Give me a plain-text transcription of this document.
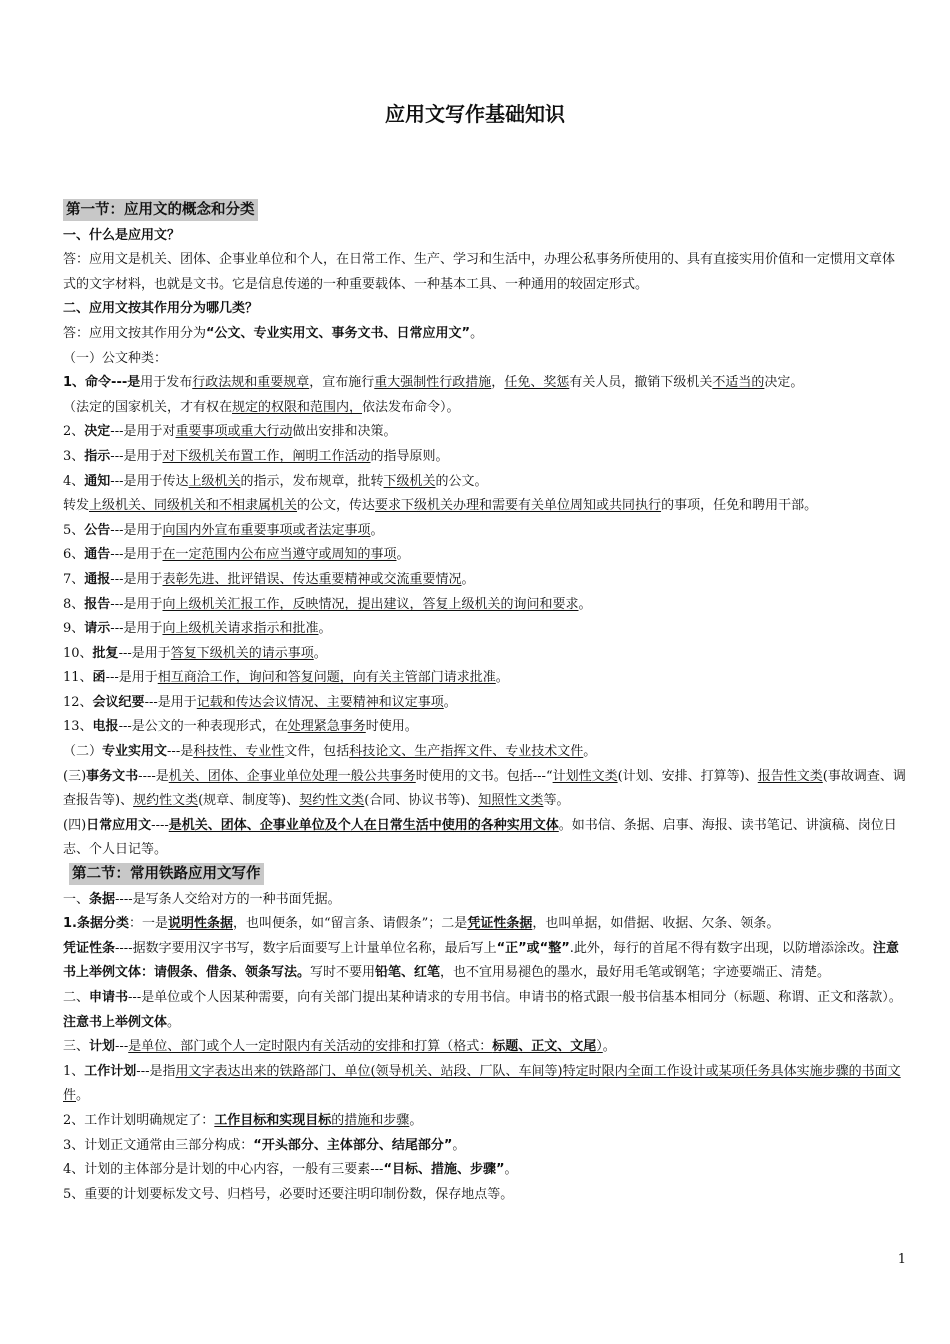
应用文写作基础知识
第一节：应用文的概念和分类
一、什么是应用文？
答：应用文是机关、团体、企事业单位和个人，在日常工作、生产、学习和生活中，办理公私事务所使用的、具有直接实用价值和一定惯用文章体式的文字材料，也就是文书。它是信息传递的一种重要载体、一种基本工具、一种通用的较固定形式。
二、应用文按其作用分为哪几类？
答：应用文按其作用分为“公文、专业实用文、事务文书、日常应用文”。
（一）公文种类：
1、命令---是用于发布行政法规和重要规章，宣布施行重大强制性行政措施，任免、奖惩有关人员，撤销下级机关不适当的决定。
（法定的国家机关，才有权在规定的权限和范围内，依法发布命令）。
2、决定---是用于对重要事项或重大行动做出安排和决策。
3、指示---是用于对下级机关布置工作，阐明工作活动的指导原则。
4、通知---是用于传达上级机关的指示，发布规章，批转下级机关的公文。
转发上级机关、同级机关和不相隶属机关的公文，传达要求下级机关办理和需要有关单位周知或共同执行的事项，任免和聘用干部。
5、公告---是用于向国内外宣布重要事项或者法定事项。
6、通告---是用于在一定范围内公布应当遵守或周知的事项。
7、通报---是用于表彰先进、批评错误、传达重要精神或交流重要情况。
8、报告---是用于向上级机关汇报工作，反映情况，提出建议，答复上级机关的询问和要求。
9、请示---是用于向上级机关请求指示和批准。
10、批复---是用于答复下级机关的请示事项。
11、函---是用于相互商洽工作，询问和答复问题，向有关主管部门请求批准。
12、会议纪要---是用于记载和传达会议情况、主要精神和议定事项。
13、电报---是公文的一种表现形式，在处理紧急事务时使用。
（二）专业实用文---是科技性、专业性文件，包括科技论文、生产指挥文件、专业技术文件。
(三)事务文书----是机关、团体、企事业单位处理一般公共事务时使用的文书。包括---“计划性文类(计划、安排、打算等)、报告性文类(事故调查、调查报告等)、规约性文类(规章、制度等)、契约性文类(合同、协议书等)、知照性文类等。
(四)日常应用文----是机关、团体、企事业单位及个人在日常生活中使用的各种实用文体。如书信、条据、启事、海报、读书笔记、讲演稿、岗位日志、个人日记等。
第二节：常用铁路应用文写作
一、条据----是写条人交给对方的一种书面凭据。
1.条据分类：一是说明性条据，也叫便条，如“留言条、请假条”；二是凭证性条据，也叫单据，如借据、收据、欠条、领条。
凭证性条----据数字要用汉字书写，数字后面要写上计量单位名称，最后写上“正”或“整”.此外，每行的首尾不得有数字出现，以防增添涂改。注意书上举例文体：请假条、借条、领条写法。写时不要用铅笔、红笔，也不宜用易褪色的墨水，最好用毛笔或钢笔；字迹要端正、清楚。
二、申请书---是单位或个人因某种需要，向有关部门提出某种请求的专用书信。申请书的格式跟一般书信基本相同分（标题、称谓、正文和落款）。注意书上举例文体。
三、计划---是单位、部门或个人一定时限内有关活动的安排和打算（格式：标题、正文、文尾）。
1、工作计划---是指用文字表达出来的铁路部门、单位(领导机关、站段、厂队、车间等)特定时限内全面工作设计或某项任务具体实施步骤的书面文件。
2、工作计划明确规定了：工作目标和实现目标的措施和步骤。
3、计划正文通常由三部分构成：“开头部分、主体部分、结尾部分”。
4、计划的主体部分是计划的中心内容，一般有三要素---“目标、措施、步骤”。
5、重要的计划要标发文号、归档号，必要时还要注明印制份数，保存地点等。
1
